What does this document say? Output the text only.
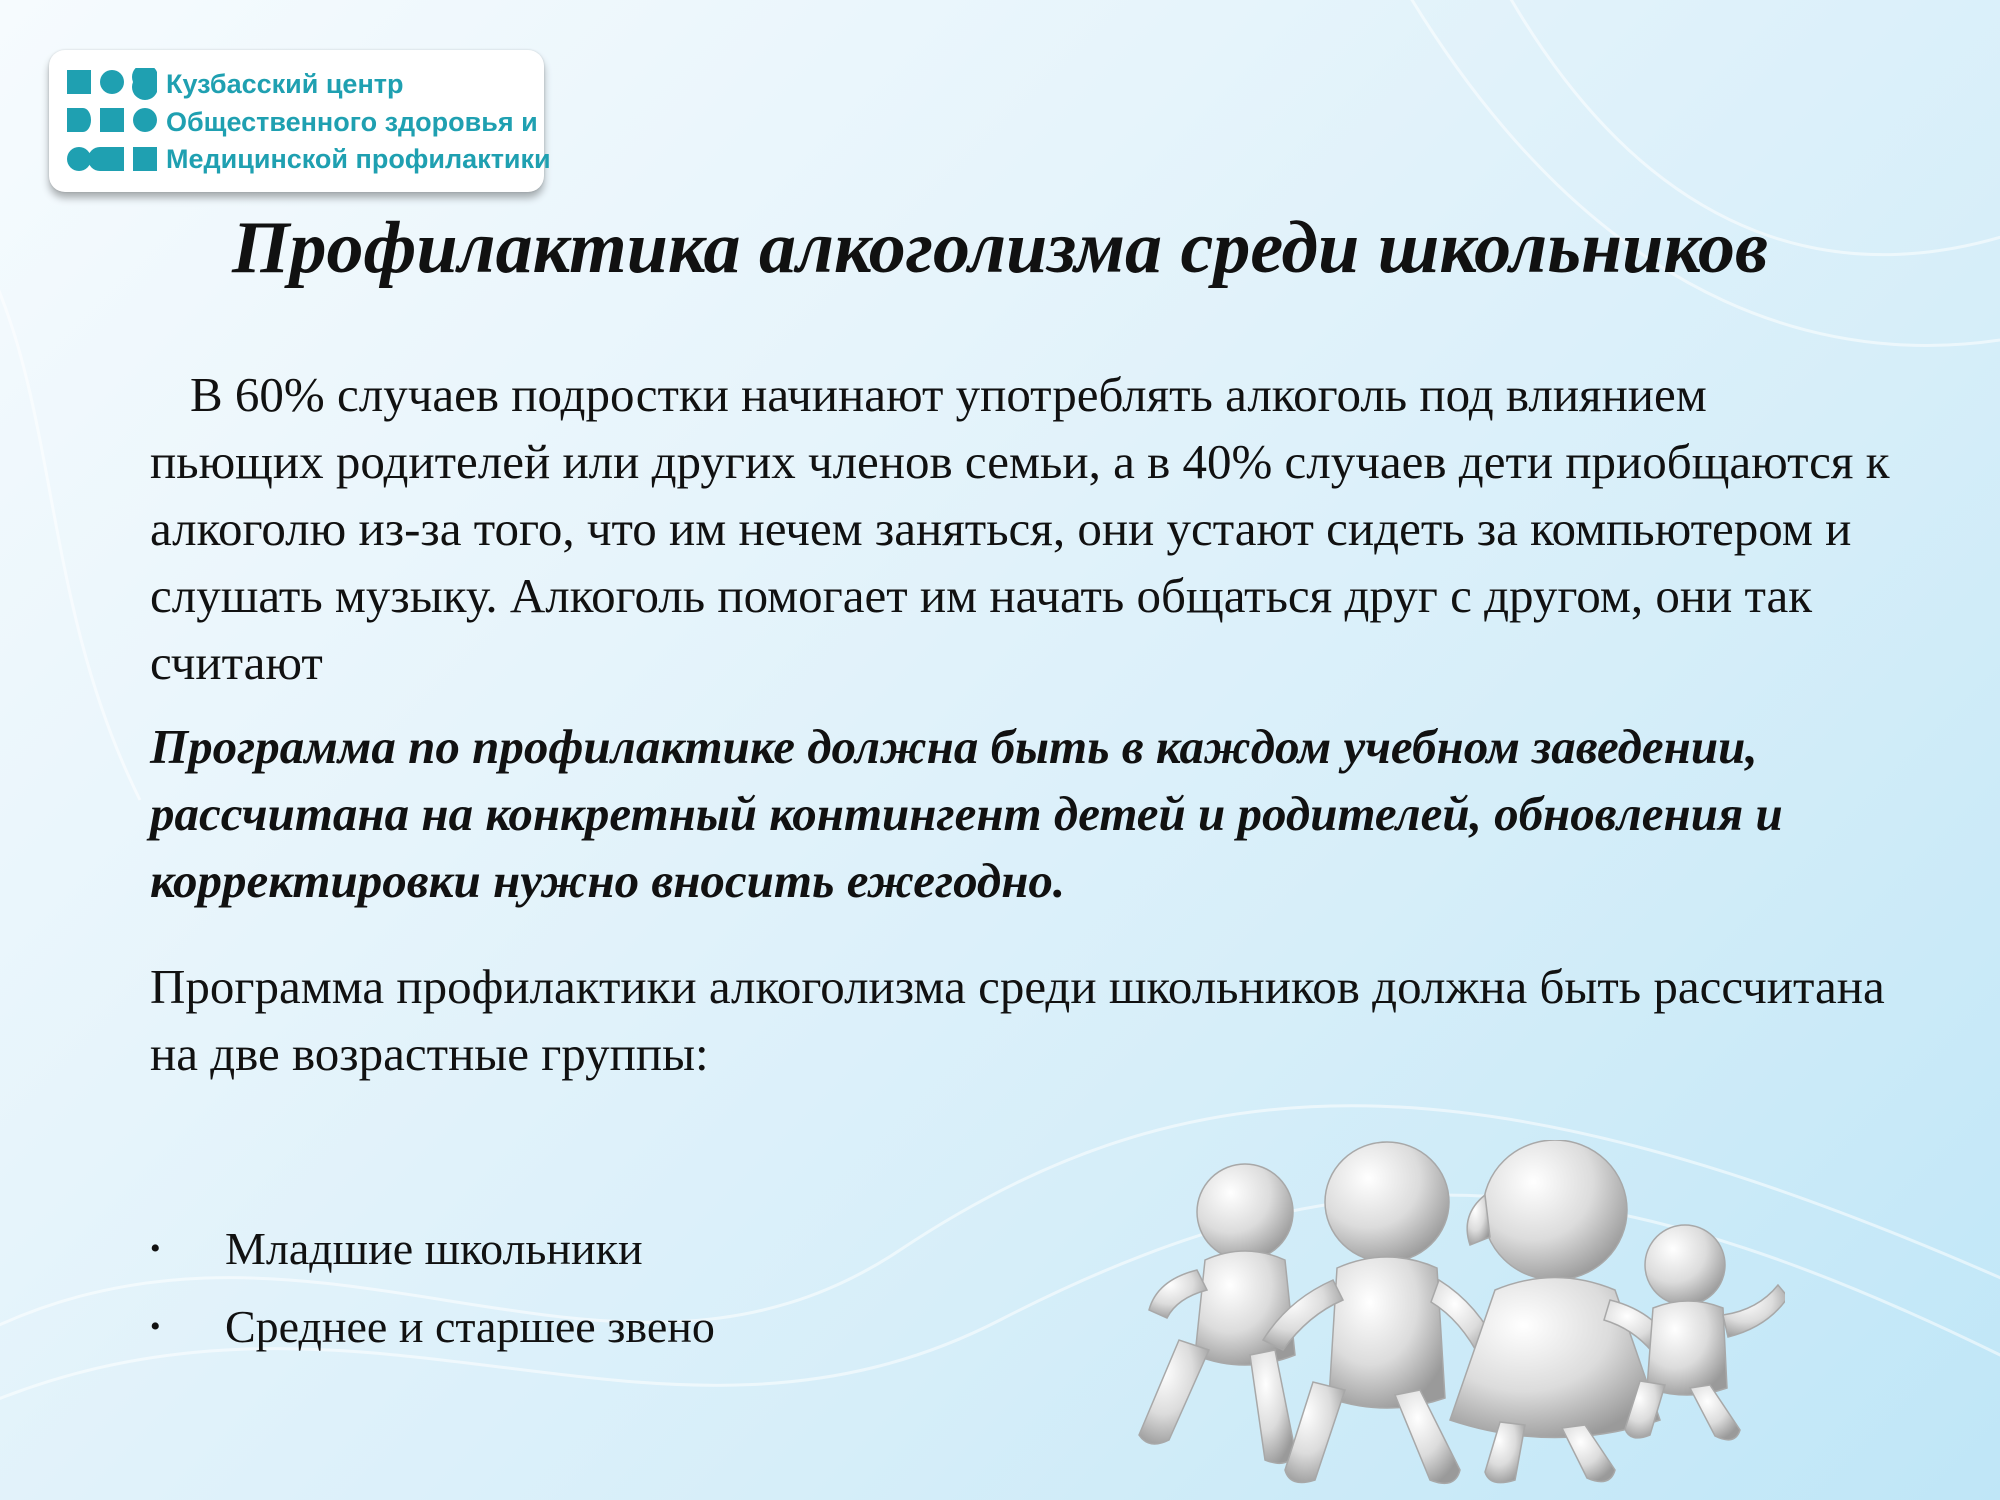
Кузбасский центр
Общественного здоровья и
Медицинской профилактики
Профилактика алкоголизма среди школьников
В 60% случаев подростки начинают употреблять алкоголь под влиянием пьющих родителей или других членов семьи, а в 40% случаев дети приобщаются к алкоголю из-за того, что им нечем заняться, они устают сидеть за компьютером и слушать музыку. Алкоголь помогает им начать общаться друг с другом, они так считают
Программа по профилактике должна быть в каждом учебном заведении, рассчитана на конкретный контингент детей и родителей, обновления и корректировки нужно вносить ежегодно.
Программа профилактики алкоголизма среди школьников должна быть рассчитана на две возрастные группы:
• Младшие школьники
• Среднее и старшее звено
